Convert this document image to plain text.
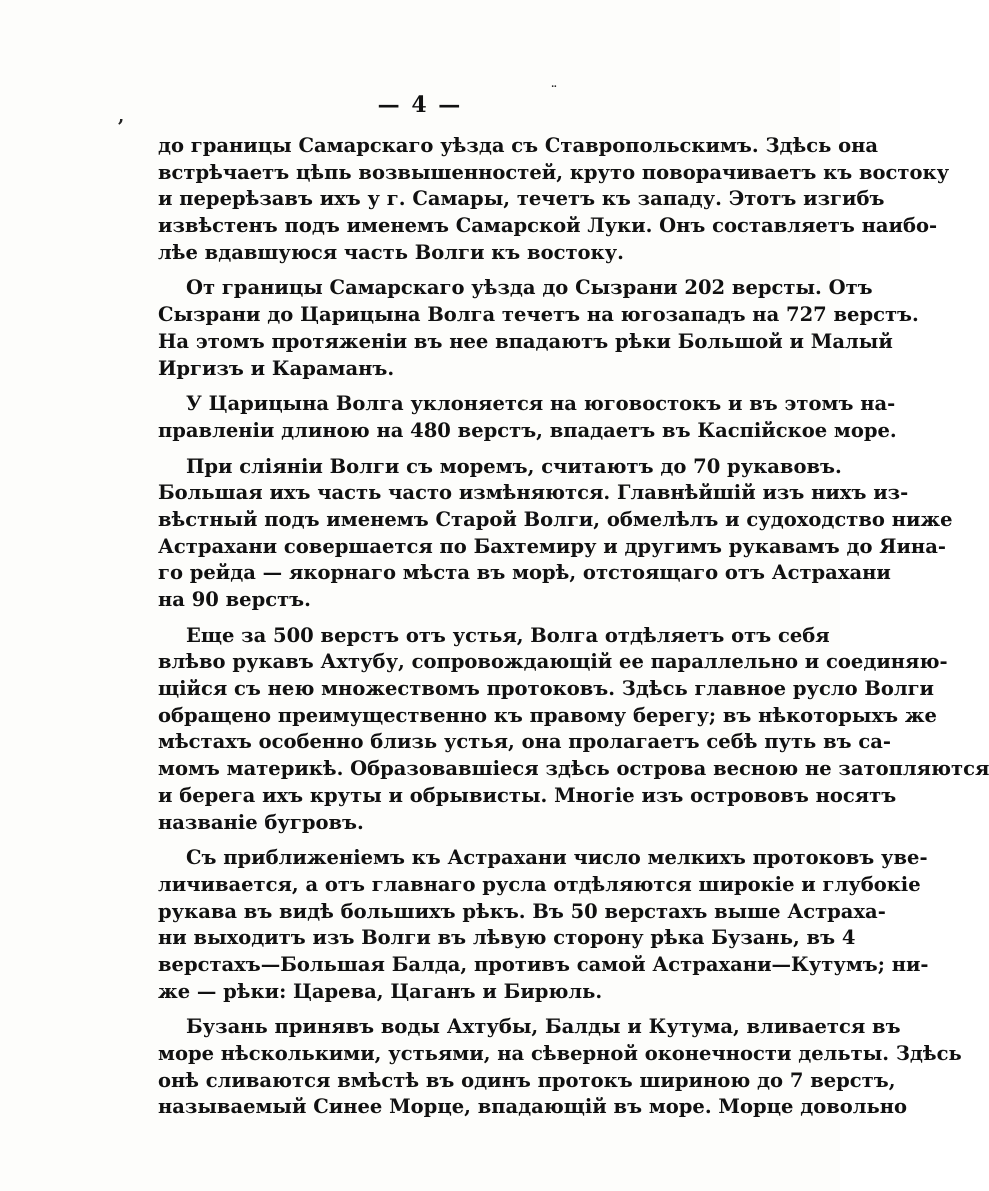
¨
,	— 4 —
до границы Самарскаго уѣзда съ Ставропольскимъ. Здѣсь она
встрѣчаетъ цѣпь возвышенностей, круто поворачиваетъ къ востоку
и перерѣзавъ ихъ у г. Самары, течетъ къ западу. Этотъ изгибъ
извѣстенъ подъ именемъ Самарской Луки. Онъ составляетъ наибо-
лѣе вдавшуюся часть Волги къ востоку.
От границы Самарскаго уѣзда до Сызрани 202 версты. Отъ
Сызрани до Царицына Волга течетъ на югозападъ на 727 верстъ.
На этомъ протяженіи въ нее впадаютъ рѣки Большой и Малый
Иргизъ и Караманъ.
У Царицына Волга уклоняется на юговостокъ и въ этомъ на-
правленіи длиною на 480 верстъ, впадаетъ въ Каспійское море.
При сліяніи Волги съ моремъ, считаютъ до 70 рукавовъ.
Большая ихъ часть часто измѣняются. Главнѣйшій изъ нихъ из-
вѣстный подъ именемъ Старой Волги, обмелѣлъ и судоходство ниже
Астрахани совершается по Бахтемиру и другимъ рукавамъ до Яина-
го рейда — якорнаго мѣста въ морѣ, отстоящаго отъ Астрахани
на 90 верстъ.
Еще за 500 верстъ отъ устья, Волга отдѣляетъ отъ себя
влѣво рукавъ Ахтубу, сопровождающій ее параллельно и соединяю-
щійся съ нею множествомъ протоковъ. Здѣсь главное русло Волги
обращено преимущественно къ правому берегу; въ нѣкоторыхъ же
мѣстахъ особенно близь устья, она пролагаетъ себѣ путь въ са-
момъ материкѣ. Образовавшіеся здѣсь острова весною не затопляются
и берега ихъ круты и обрывисты. Многіе изъ острововъ носятъ
названіе бугровъ.
Съ приближеніемъ къ Астрахани число мелкихъ протоковъ уве-
личивается, а отъ главнаго русла отдѣляются широкіе и глубокіе
рукава въ видѣ большихъ рѣкъ. Въ 50 верстахъ выше Астраха-
ни выходитъ изъ Волги въ лѣвую сторону рѣка Бузань, въ 4
верстахъ—Большая Балда, противъ самой Астрахани—Кутумъ; ни-
же — рѣки: Царева, Цаганъ и Бирюль.
Бузань принявъ воды Ахтубы, Балды и Кутума, вливается въ
море нѣсколькими, устьями, на сѣверной оконечности дельты. Здѣсь
онѣ сливаются вмѣстѣ въ одинъ протокъ шириною до 7 верстъ,
называемый Синее Морце, впадающій въ море. Морце довольно
